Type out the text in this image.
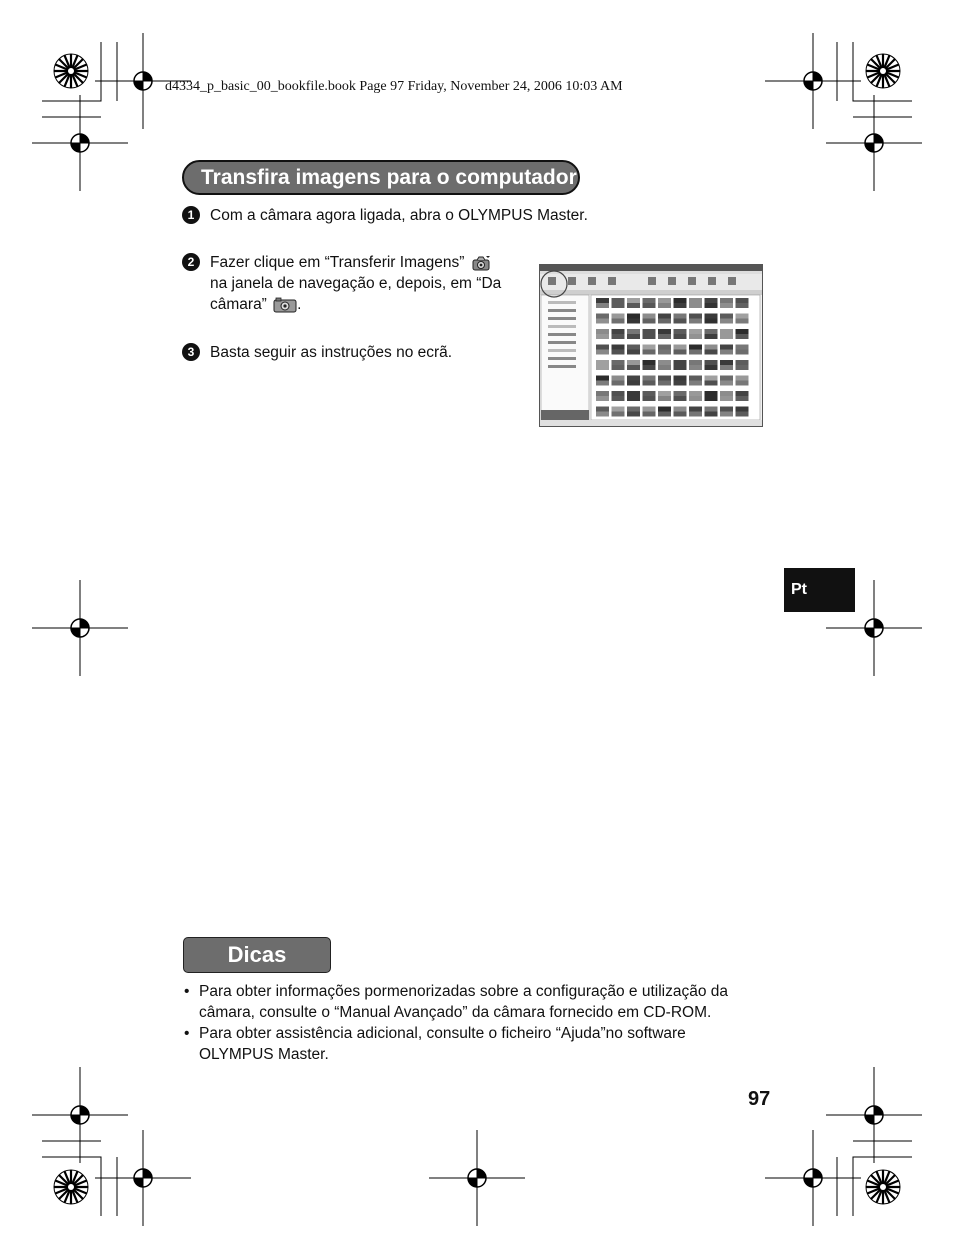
d4334_p_basic_00_bookfile.book Page 97 Friday, November 24, 2006 10:03 AM
Transfira imagens para o computador
1	Com a câmara agora ligada, abra o OLYMPUS Master.
2	Fazer clique em “Transferir Imagens”
na janela de navegação e, depois, em “Da
câmara” .
3	Basta seguir as instruções no ecrã.
Pt
Dicas
• Para obter informações pormenorizadas sobre a configuração e utilização da
câmara, consulte o “Manual Avançado” da câmara fornecido em CD-ROM.
• Para obter assistência adicional, consulte o ficheiro “Ajuda”no software
OLYMPUS Master.
97
